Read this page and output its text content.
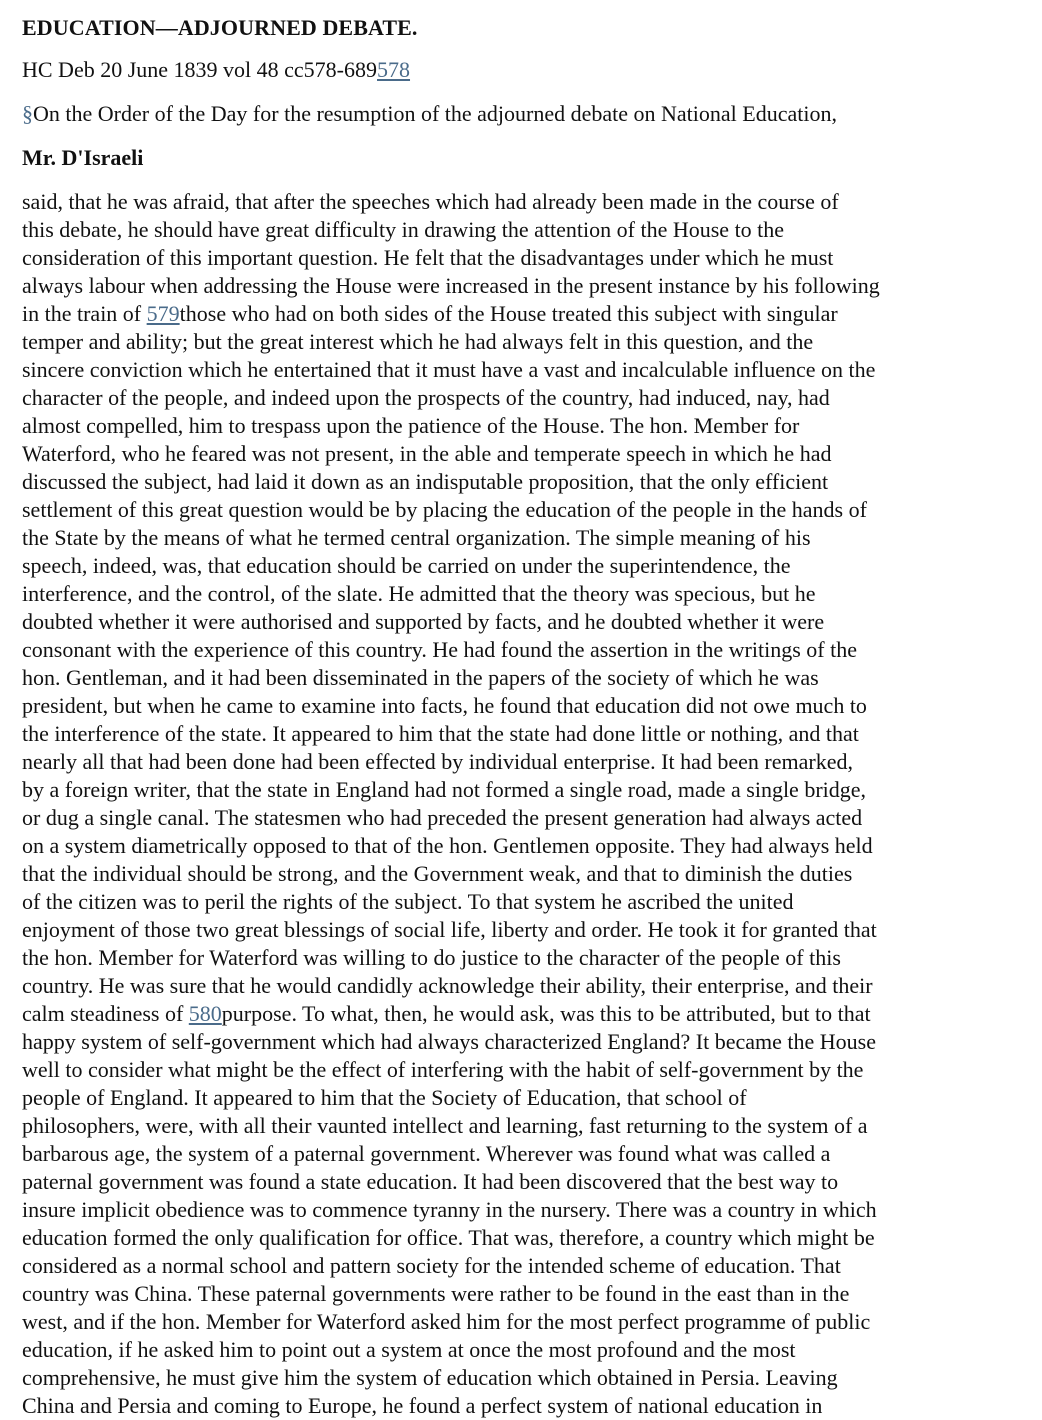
EDUCATION—ADJOURNED DEBATE.
HC Deb 20 June 1839 vol 48 cc578-689578
§On the Order of the Day for the resumption of the adjourned debate on National Education,
Mr. D'Israeli
said, that he was afraid, that after the speeches which had already been made in the course of
this debate, he should have great difficulty in drawing the attention of the House to the
consideration of this important question. He felt that the disadvantages under which he must
always labour when addressing the House were increased in the present instance by his following
in the train of 579those who had on both sides of the House treated this subject with singular
temper and ability; but the great interest which he had always felt in this question, and the
sincere conviction which he entertained that it must have a vast and incalculable influence on the
character of the people, and indeed upon the prospects of the country, had induced, nay, had
almost compelled, him to trespass upon the patience of the House. The hon. Member for
Waterford, who he feared was not present, in the able and temperate speech in which he had
discussed the subject, had laid it down as an indisputable proposition, that the only efficient
settlement of this great question would be by placing the education of the people in the hands of
the State by the means of what he termed central organization. The simple meaning of his
speech, indeed, was, that education should be carried on under the superintendence, the
interference, and the control, of the slate. He admitted that the theory was specious, but he
doubted whether it were authorised and supported by facts, and he doubted whether it were
consonant with the experience of this country. He had found the assertion in the writings of the
hon. Gentleman, and it had been disseminated in the papers of the society of which he was
president, but when he came to examine into facts, he found that education did not owe much to
the interference of the state. It appeared to him that the state had done little or nothing, and that
nearly all that had been done had been effected by individual enterprise. It had been remarked,
by a foreign writer, that the state in England had not formed a single road, made a single bridge,
or dug a single canal. The statesmen who had preceded the present generation had always acted
on a system diametrically opposed to that of the hon. Gentlemen opposite. They had always held
that the individual should be strong, and the Government weak, and that to diminish the duties
of the citizen was to peril the rights of the subject. To that system he ascribed the united
enjoyment of those two great blessings of social life, liberty and order. He took it for granted that
the hon. Member for Waterford was willing to do justice to the character of the people of this
country. He was sure that he would candidly acknowledge their ability, their enterprise, and their
calm steadiness of 580purpose. To what, then, he would ask, was this to be attributed, but to that
happy system of self-government which had always characterized England? It became the House
well to consider what might be the effect of interfering with the habit of self-government by the
people of England. It appeared to him that the Society of Education, that school of
philosophers, were, with all their vaunted intellect and learning, fast returning to the system of a
barbarous age, the system of a paternal government. Wherever was found what was called a
paternal government was found a state education. It had been discovered that the best way to
insure implicit obedience was to commence tyranny in the nursery. There was a country in which
education formed the only qualification for office. That was, therefore, a country which might be
considered as a normal school and pattern society for the intended scheme of education. That
country was China. These paternal governments were rather to be found in the east than in the
west, and if the hon. Member for Waterford asked him for the most perfect programme of public
education, if he asked him to point out a system at once the most profound and the most
comprehensive, he must give him the system of education which obtained in Persia. Leaving
China and Persia and coming to Europe, he found a perfect system of national education in
